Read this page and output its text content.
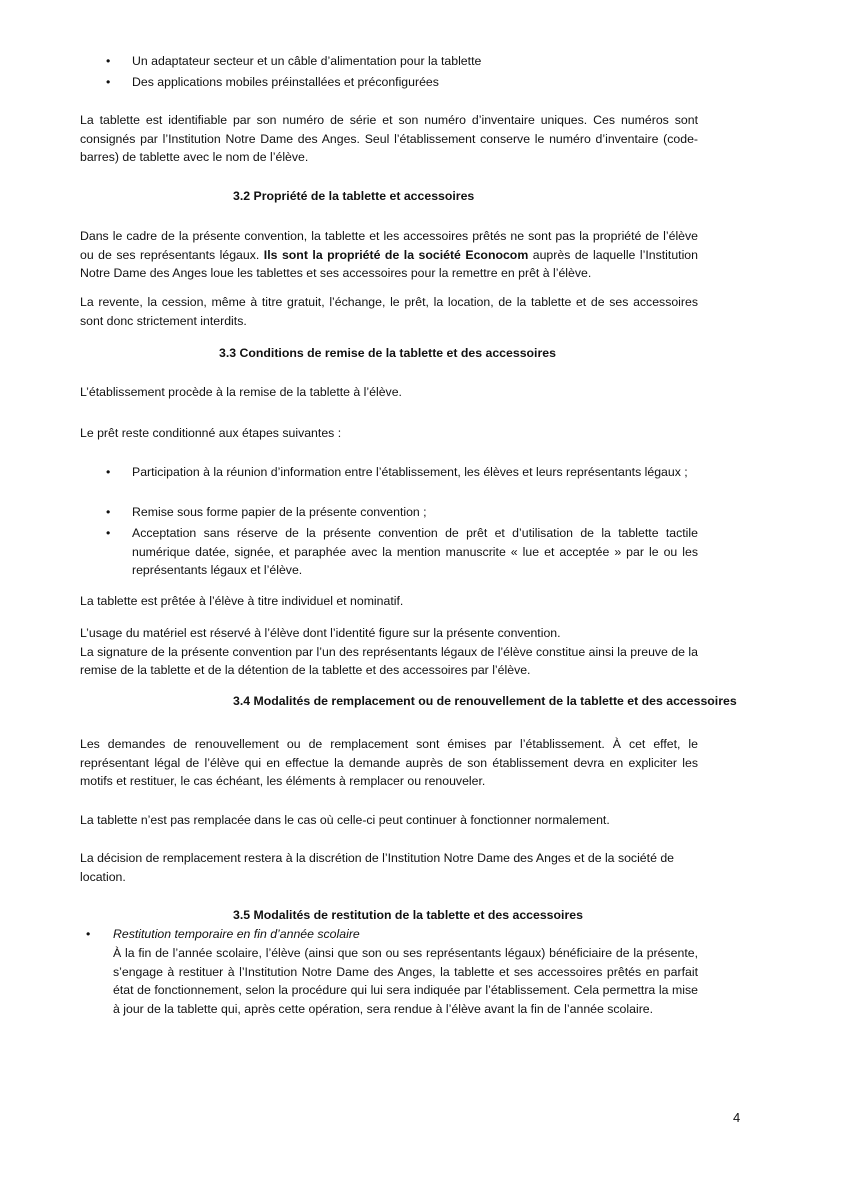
• Un adaptateur secteur et un câble d’alimentation pour la tablette

• Des applications mobiles préinstallées et préconfigurées

La tablette est identifiable par son numéro de série et son numéro d’inventaire uniques. Ces numéros sont consignés par l’Institution Notre Dame des Anges. Seul l’établissement conserve le numéro d’inventaire (code-barres) de tablette avec le nom de l’élève.

3.2 Propriété de la tablette et accessoires

Dans le cadre de la présente convention, la tablette et les accessoires prêtés ne sont pas la propriété de l’élève ou de ses représentants légaux. Ils sont la propriété de la société Econocom auprès de laquelle l’Institution Notre Dame des Anges loue les tablettes et ses accessoires pour la remettre en prêt à l’élève.

La revente, la cession, même à titre gratuit, l’échange, le prêt, la location, de la tablette et de ses accessoires sont donc strictement interdits.

3.3 Conditions de remise de la tablette et des accessoires

L’établissement procède à la remise de la tablette à l’élève.

Le prêt reste conditionné aux étapes suivantes :

• Participation à la réunion d’information entre l’établissement, les élèves et leurs représentants légaux ;

• Remise sous forme papier de la présente convention ;

• Acceptation sans réserve de la présente convention de prêt et d’utilisation de la tablette tactile numérique datée, signée, et paraphée avec la mention manuscrite « lue et acceptée » par le ou les représentants légaux et l’élève.

La tablette est prêtée à l’élève à titre individuel et nominatif.

L’usage du matériel est réservé à l’élève dont l’identité figure sur la présente convention.
La signature de la présente convention par l’un des représentants légaux de l’élève constitue ainsi la preuve de la remise de la tablette et de la détention de la tablette et des accessoires par l’élève.

3.4 Modalités de remplacement ou de renouvellement de la tablette et des accessoires

Les demandes de renouvellement ou de remplacement sont émises par l’établissement. À cet effet, le représentant légal de l’élève qui en effectue la demande auprès de son établissement devra en expliciter les motifs et restituer, le cas échéant, les éléments à remplacer ou renouveler.

La tablette n’est pas remplacée dans le cas où celle-ci peut continuer à fonctionner normalement.

La décision de remplacement restera à la discrétion de l’Institution Notre Dame des Anges et de la société de location.

3.5 Modalités de restitution de la tablette et des accessoires

• Restitution temporaire en fin d’année scolaire

À la fin de l’année scolaire, l’élève (ainsi que son ou ses représentants légaux) bénéficiaire de la présente, s’engage à restituer à l’Institution Notre Dame des Anges, la tablette et ses accessoires prêtés en parfait état de fonctionnement, selon la procédure qui lui sera indiquée par l’établissement. Cela permettra la mise à jour de la tablette qui, après cette opération, sera rendue à l’élève avant la fin de l’année scolaire.

4
